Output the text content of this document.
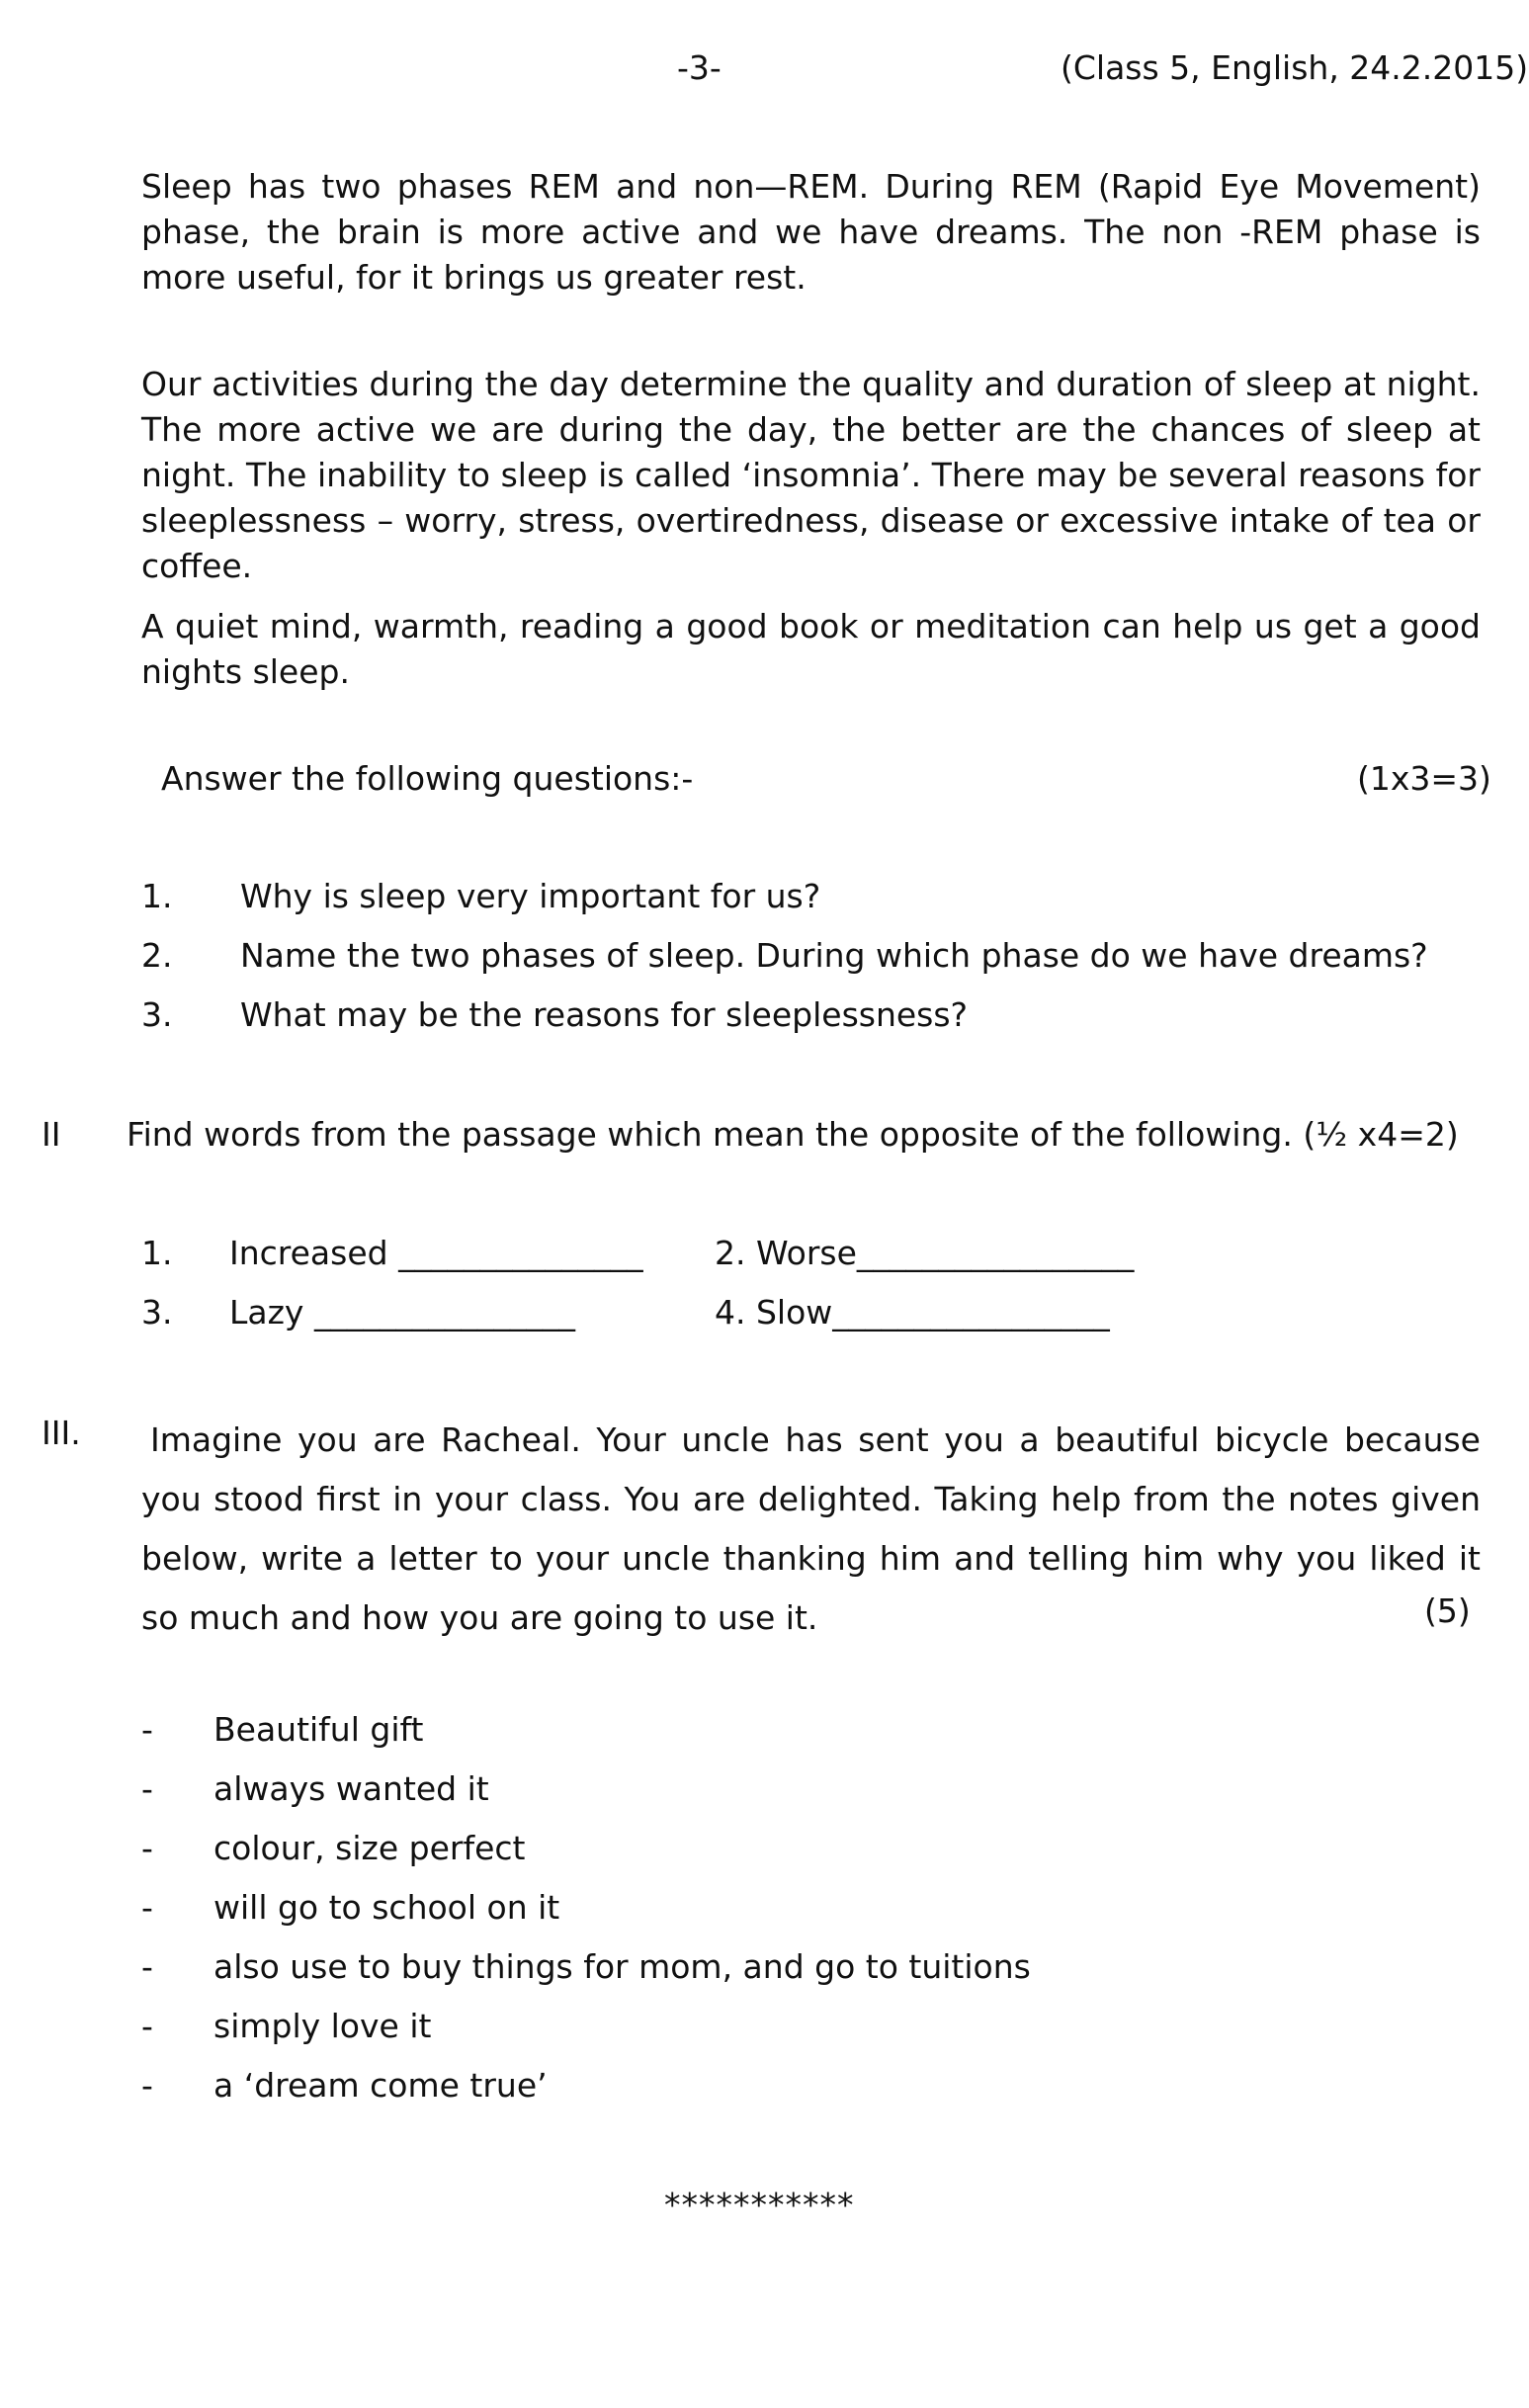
-3-	(Class 5, English, 24.2.2015)
Sleep has two phases REM and non—REM. During REM (Rapid Eye Movement) phase, the brain is more active and we have dreams. The non -REM phase is more useful, for it brings us greater rest.
Our activities during the day determine the quality and duration of sleep at night. The more active we are during the day, the better are the chances of sleep at night. The inability to sleep is called ‘insomnia’. There may be several reasons for sleeplessness – worry, stress, overtiredness, disease or excessive intake of tea or coffee.
A quiet mind, warmth, reading a good book or meditation can help us get a good nights sleep.
Answer the following questions:-	(1x3=3)
1. Why is sleep very important for us?
2. Name the two phases of sleep. During which phase do we have dreams?
3. What may be the reasons for sleeplessness?
II Find words from the passage which mean the opposite of the following. (½ x4=2)
1. Increased _______________ 2. Worse_________________
3. Lazy ________________	4. Slow_________________
III. Imagine you are Racheal. Your uncle has sent you a beautiful bicycle because you stood first in your class. You are delighted. Taking help from the notes given below, write a letter to your uncle thanking him and telling him why you liked it so much and how you are going to use it.	(5)
- Beautiful gift
- always wanted it
- colour, size perfect
- will go to school on it
- also use to buy things for mom, and go to tuitions
- simply love it
- a ‘dream come true’
***********
